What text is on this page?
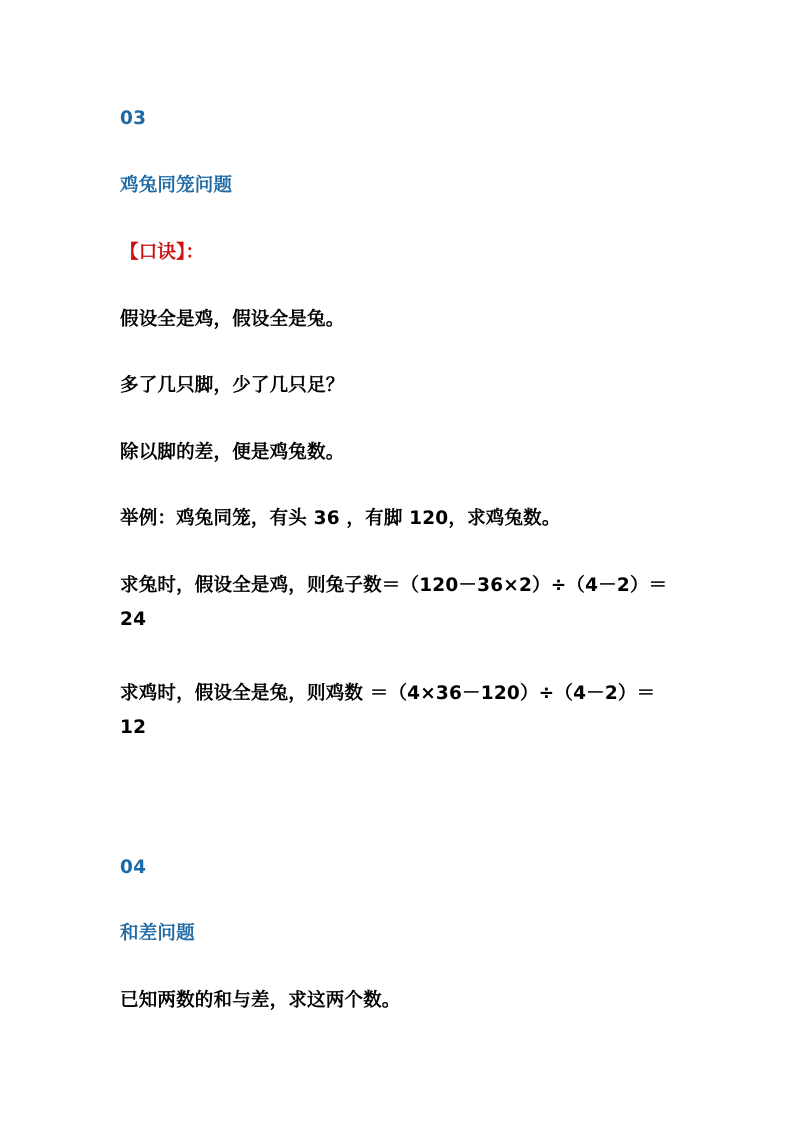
03

鸡兔同笼问题

【口诀】：

假设全是鸡，假设全是兔。

多了几只脚，少了几只足？

除以脚的差，便是鸡兔数。

举例：鸡兔同笼，有头 36 ，有脚 120，求鸡兔数。

求兔时，假设全是鸡，则兔子数＝（120－36×2）÷（4－2）＝
24
求鸡时，假设全是兔，则鸡数 ＝（4×36－120）÷（4－2）＝
12

04

和差问题

已知两数的和与差，求这两个数。
